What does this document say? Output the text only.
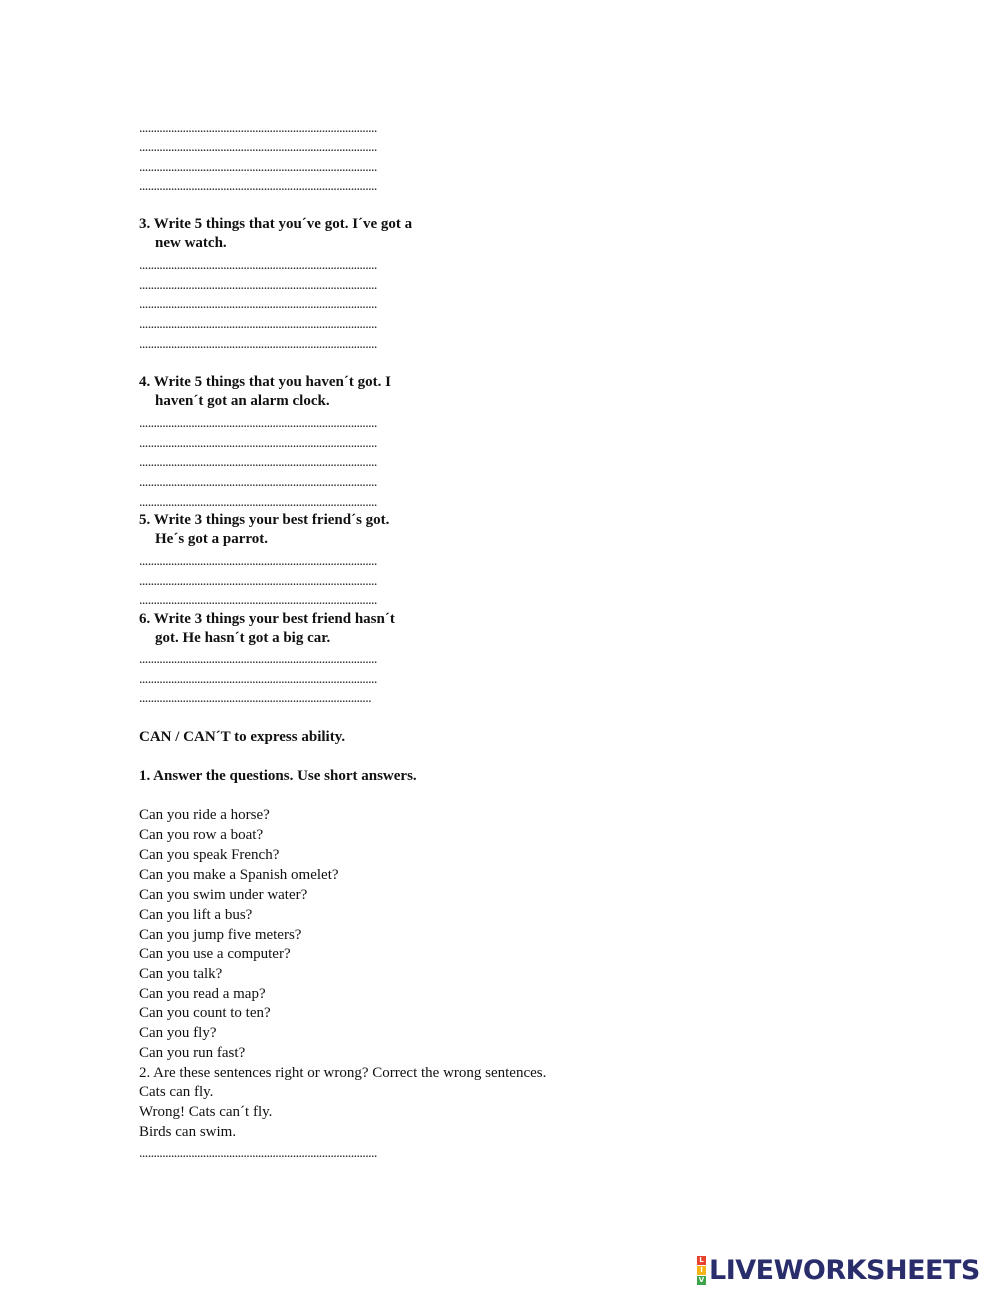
..................................................................................
..................................................................................
..................................................................................
..................................................................................
3. Write 5 things that you´ve got. I´ve got a
new watch.
..................................................................................
..................................................................................
..................................................................................
..................................................................................
..................................................................................
4. Write 5 things that you haven´t got. I
haven´t got an alarm clock.
..................................................................................
..................................................................................
..................................................................................
..................................................................................
..................................................................................
5. Write 3 things your best friend´s got.
He´s got a parrot.
..................................................................................
..................................................................................
..................................................................................
6. Write 3 things your best friend hasn´t
got. He hasn´t got a big car.
..................................................................................
..................................................................................
................................................................................
CAN / CAN´T to express ability.
1. Answer the questions. Use short answers.
Can you ride a horse?
Can you row a boat?
Can you speak French?
Can you make a Spanish omelet?
Can you swim under water?
Can you lift a bus?
Can you jump five meters?
Can you use a computer?
Can you talk?
Can you read a map?
Can you count to ten?
Can you fly?
Can you run fast?
2. Are these sentences right or wrong? Correct the wrong sentences.
Cats can fly.
Wrong! Cats can´t fly.
Birds can swim.
..................................................................................
L
I
V LIVEWORKSHEETS
